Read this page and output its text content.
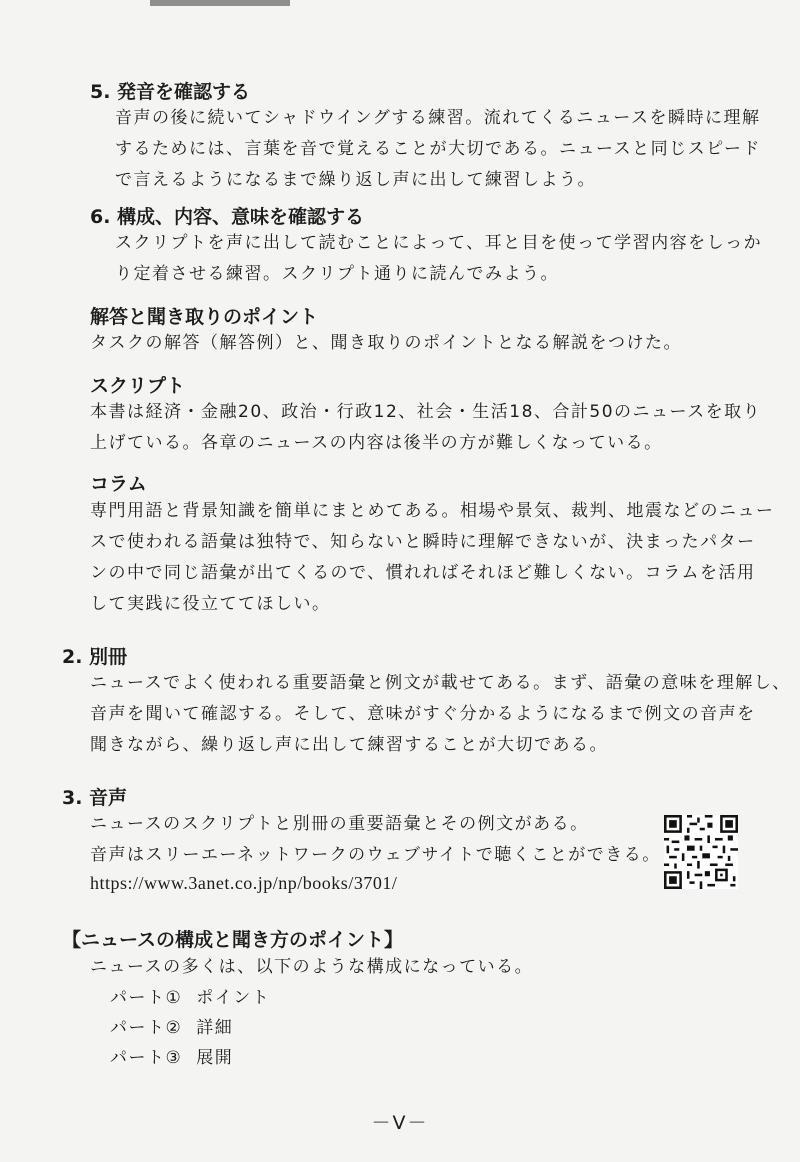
5. 発音を確認する
音声の後に続いてシャドウイングする練習。流れてくるニュースを瞬時に理解
するためには、言葉を音で覚えることが大切である。ニュースと同じスピード
で言えるようになるまで繰り返し声に出して練習しよう。
6. 構成、内容、意味を確認する
スクリプトを声に出して読むことによって、耳と目を使って学習内容をしっか
り定着させる練習。スクリプト通りに読んでみよう。
解答と聞き取りのポイント
タスクの解答（解答例）と、聞き取りのポイントとなる解説をつけた。
スクリプト
本書は経済・金融20、政治・行政12、社会・生活18、合計50のニュースを取り
上げている。各章のニュースの内容は後半の方が難しくなっている。
コラム
専門用語と背景知識を簡単にまとめてある。相場や景気、裁判、地震などのニュー
スで使われる語彙は独特で、知らないと瞬時に理解できないが、決まったパター
ンの中で同じ語彙が出てくるので、慣れればそれほど難しくない。コラムを活用
して実践に役立ててほしい。
2. 別冊
ニュースでよく使われる重要語彙と例文が載せてある。まず、語彙の意味を理解し、
音声を聞いて確認する。そして、意味がすぐ分かるようになるまで例文の音声を
聞きながら、繰り返し声に出して練習することが大切である。
3. 音声
ニュースのスクリプトと別冊の重要語彙とその例文がある。
音声はスリーエーネットワークのウェブサイトで聴くことができる。
https://www.3anet.co.jp/np/books/3701/
【ニュースの構成と聞き方のポイント】
ニュースの多くは、以下のような構成になっている。
パート① ポイント
パート② 詳細
パート③ 展開
－V－
